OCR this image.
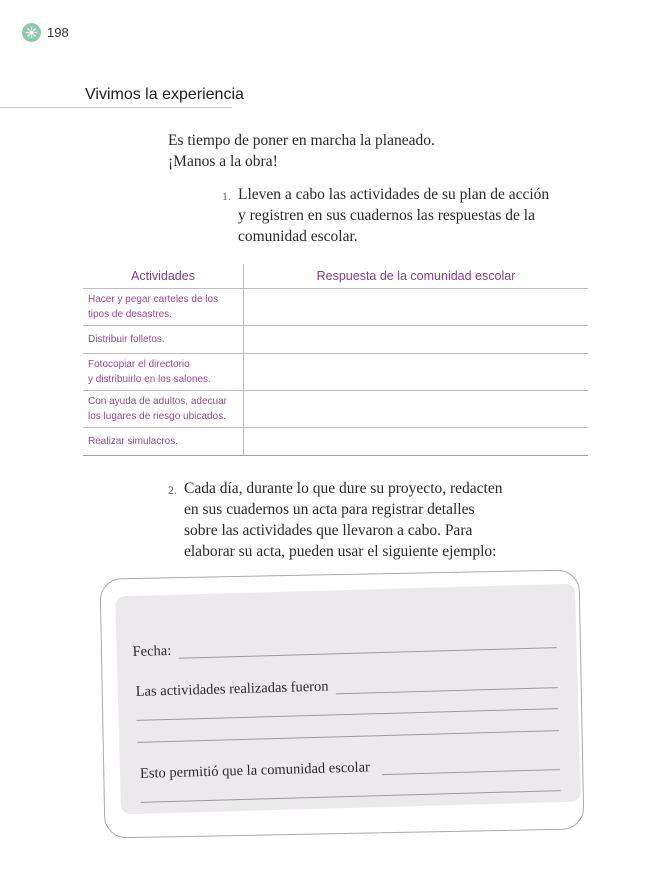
198
Vivimos la experiencia

Es tiempo de poner en marcha la planeado.

¡Manos a la obra!

1. Lleven a cabo las actividades de su plan de acción y registren en sus cuadernos las respuestas de la comunidad escolar.
Actividades	Respuesta de la comunidad escolar

Hacer y pegar carteles de los
tipos de desastres.	

Distribuir folletos.	

Fotocopiar el directorio
y distribuirlo en los salones.	

Con ayuda de adultos, adecuar
los lugares de riesgo ubicados.	

Realizar simulacros.	

2. Cada día, durante lo que dure su proyecto, redacten en sus cuadernos un acta para registrar detalles sobre las actividades que llevaron a cabo. Para elaborar su acta, pueden usar el siguiente ejemplo:
Fecha:
Las actividades realizadas fueron
Esto permitió que la comunidad escolar
